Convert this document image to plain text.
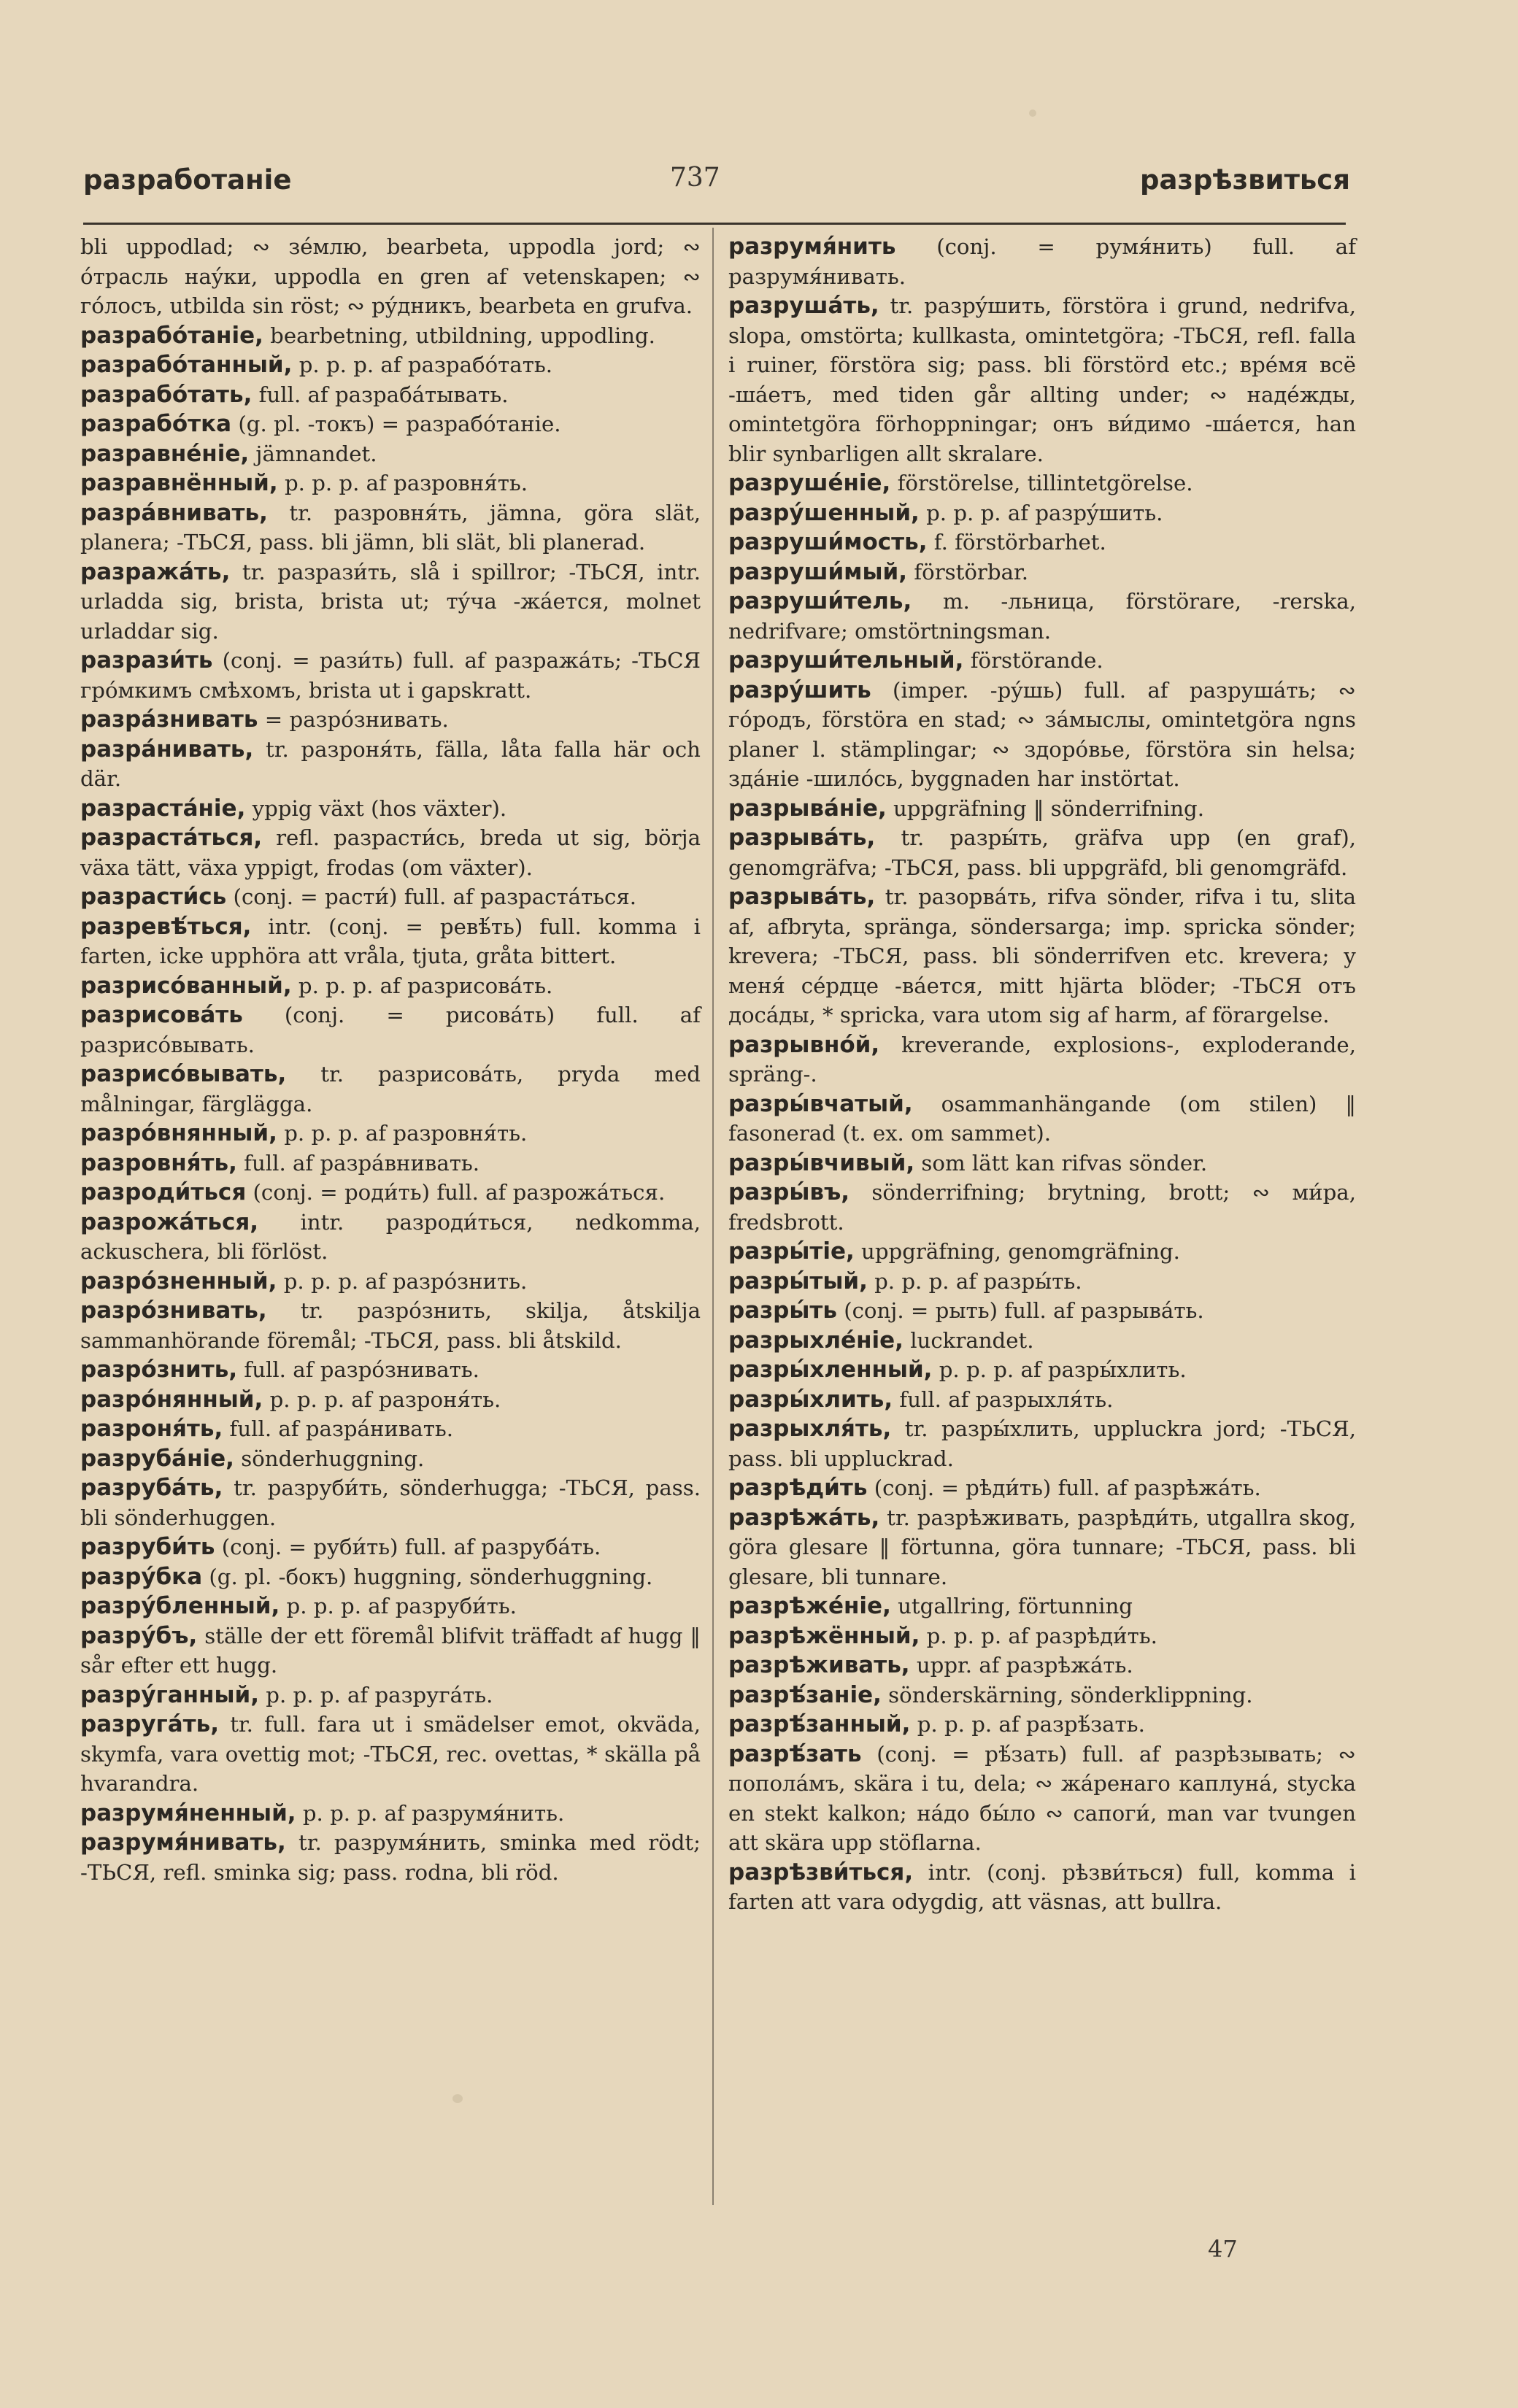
разработаніе	737	разрѣзвиться

bli uppodlad; ∾ зéмлю, bearbeta, uppodla jord; ∾ óтрасль наýки, uppodla en gren af vetenskapen; ∾ гóлосъ, utbilda sin röst; ∾ рýдникъ, bearbeta en grufva.

разрабóтаніе, bearbetning, utbildning, uppodling.

разрабóтанный, p. p. p. af разрабóтать.

разрабóтать, full. af разрабáтывать.

разрабóтка (g. pl. -токъ) = разрабóтаніе.

разравнéніе, jämnandet.

разравнённый, p. p. p. af разровня́ть.

разрáвнивать, tr. разровня́ть, jämna, göra slät, planera; -ТЬСЯ, pass. bli jämn, bli slät, bli planerad.

разражáть, tr. разрази́ть, slå i spillror; -ТЬСЯ, intr. urladda sig, brista, brista ut; тýча -жáется, molnet urladdar sig.

разрази́ть (conj. = рази́ть) full. af разражáть; -ТЬСЯ грóмкимъ смѣхомъ, brista ut i gapskratt.

разрáзнивать = разрóзнивать.

разрáнивать, tr. разроня́ть, fälla, låta falla här och där.

разрастáніе, yppig växt (hos växter).

разрастáться, refl. разрасти́сь, breda ut sig, börja växa tätt, växa yppigt, frodas (om växter).

разрасти́сь (conj. = расти́) full. af разрастáться.

разревѣ́ться, intr. (conj. = ревѣ́ть) full. komma i farten, icke upphöra att vråla, tjuta, gråta bittert.

разрисóванный, p. p. p. af разрисовáть.

разрисовáть (conj. = рисовáть) full. af разрисóвывать.

разрисóвывать, tr. разрисовáть, pryda med målningar, färglägga.

разрóвнянный, p. p. p. af разровня́ть.

разровня́ть, full. af разрáвнивать.

разроди́ться (conj. = роди́ть) full. af разрожáться.

разрожáться, intr. разроди́ться, nedkomma, ackuschera, bli förlöst.

разрóзненный, p. p. p. af разрóзнить.

разрóзнивать, tr. разрóзнить, skilja, åtskilja sammanhörande föremål; -ТЬСЯ, pass. bli åtskild.

разрóзнить, full. af разрóзнивать.

разрóнянный, p. p. p. af разроня́ть.

разроня́ть, full. af разрáнивать.

разрубáніе, sönderhuggning.

разрубáть, tr. разруби́ть, sönderhugga; -ТЬСЯ, pass. bli sönderhuggen.

разруби́ть (conj. = руби́ть) full. af разрубáть.

разрýбка (g. pl. -бокъ) huggning, sönderhuggning.

разрýбленный, p. p. p. af разруби́ть.

разрýбъ, ställe der ett föremål blifvit träffadt af hugg ‖ sår efter ett hugg.

разрýганный, p. p. p. af разругáть.

разругáть, tr. full. fara ut i smädelser emot, okväda, skymfa, vara ovettig mot; -ТЬСЯ, rec. ovettas, * skälla på hvarandra.

разрумя́ненный, p. p. p. af разрумя́нить.

разрумя́нивать, tr. разрумя́нить, sminka med rödt; -ТЬСЯ, refl. sminka sig; pass. rodna, bli röd.

разрумя́нить (conj. = румя́нить) full. af разрумя́нивать.

разрушáть, tr. разрýшить, förstöra i grund, nedrifva, slopa, omstörta; kullkasta, omintetgöra; -ТЬСЯ, refl. falla i ruiner, förstöra sig; pass. bli förstörd etc.; врéмя всё -шáетъ, med tiden går allting under; ∾ надéжды, omintetgöra förhoppningar; онъ ви́димо -шáется, han blir synbarligen allt skralare.

разрушéніе, förstörelse, tillintetgörelse.

разрýшенный, p. p. p. af разрýшить.

разруши́мость, f. förstörbarhet.

разруши́мый, förstörbar.

разруши́тель, m. -льница, förstörare, -rerska, nedrifvare; omstörtningsman.

разруши́тельный, förstörande.

разрýшить (imper. -рýшь) full. af разрушáть; ∾ гóродъ, förstöra en stad; ∾ зáмыслы, omintetgöra ngns planer l. stämplingar; ∾ здорóвье, förstöra sin helsa; здáніе -шилóсь, byggnaden har instörtat.

разрывáніе, uppgräfning ‖ sönderrifning.

разрывáть, tr. разры́ть, gräfva upp (en graf), genomgräfva; -ТЬСЯ, pass. bli uppgräfd, bli genomgräfd.

разрывáть, tr. разорвáть, rifva sönder, rifva i tu, slita af, afbryta, spränga, söndersarga; imp. spricka sönder; krevera; -ТЬСЯ, pass. bli sönderrifven etc. krevera; у меня́ сéрдце -вáется, mitt hjärta blöder; -ТЬСЯ отъ досáды, * spricka, vara utom sig af harm, af förargelse.

разрывнóй, kreverande, explosions-, exploderande, spräng-.

разры́вчатый, osammanhängande (om stilen) ‖ fasonerad (t. ex. om sammet).

разры́вчивый, som lätt kan rifvas sönder.

разры́въ, sönderrifning; brytning, brott; ∾ ми́ра, fredsbrott.

разры́тіе, uppgräfning, genomgräfning.

разры́тый, p. p. p. af разры́ть.

разры́ть (conj. = рыть) full. af разрывáть.

разрыхлéніе, luckrandet.

разры́хленный, p. p. p. af разры́хлить.

разры́хлить, full. af разрыхля́ть.

разрыхля́ть, tr. разры́хлить, uppluckra jord; -ТЬСЯ, pass. bli uppluckrad.

разрѣди́ть (conj. = рѣди́ть) full. af разрѣжáть.

разрѣжáть, tr. разрѣживать, разрѣди́ть, utgallra skog, göra glesare ‖ förtunna, göra tunnare; -ТЬСЯ, pass. bli glesare, bli tunnare.

разрѣжéніе, utgallring, förtunning

разрѣжённый, p. p. p. af разрѣди́ть.

разрѣживать, uppr. af разрѣжáть.

разрѣ́заніе, sönderskärning, sönderklippning.

разрѣ́занный, p. p. p. af разрѣ́зать.

разрѣ́зать (conj. = рѣ́зать) full. af разрѣзывать; ∾ пополáмъ, skära i tu, dela; ∾ жáренаго каплуна́, stycka en stekt kalkon; нáдо бы́ло ∾ сапоги́, man var tvungen att skära upp stöflarna.

разрѣзви́ться, intr. (conj. рѣзви́ться) full, komma i farten att vara odygdig, att väsnas, att bullra.

47
